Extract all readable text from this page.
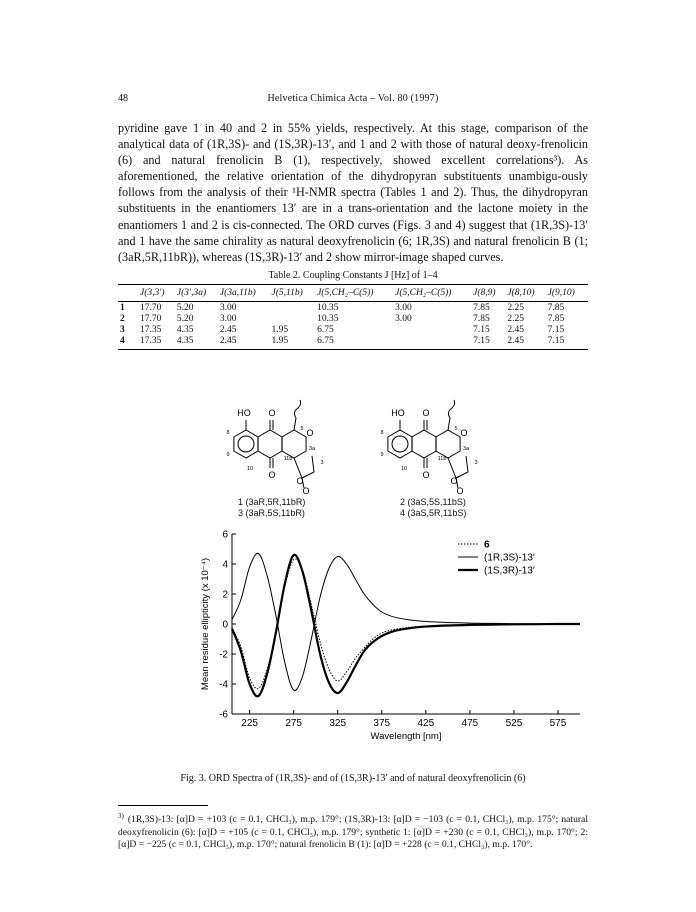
48	Helvetica Chimica Acta – Vol. 80 (1997)

pyridine gave 1 in 40 and 2 in 55% yields, respectively. At this stage, comparison of the analytical data of (1R,3S)- and (1S,3R)-13′, and 1 and 2 with those of natural deoxy-frenolicin (6) and natural frenolicin B (1), respectively, showed excellent correlations³). As aforementioned, the relative orientation of the dihydropyran substituents unambigu-ously follows from the analysis of their ¹H-NMR spectra (Tables 1 and 2). Thus, the dihydropyran substituents in the enantiomers 13′ are in a trans-orientation and the lactone moiety in the enantiomers 1 and 2 is cis-connected. The ORD curves (Figs. 3 and 4) suggest that (1R,3S)-13′ and 1 have the same chirality as natural deoxyfrenolicin (6; 1R,3S) and natural frenolicin B (1; (3aR,5R,11bR)), whereas (1S,3R)-13′ and 2 show mirror-image shaped curves.

Table 2. Coupling Constants J [Hz] of 1–4
	J(3,3′)	J(3′,3a)	J(3a,11b)	J(5,11b)	J(5,CH₂–C(5))	J(5,CH₂–C(5))	J(8,9)	J(8,10)	J(9,10)
1	17.70	5.20	3.00		10.35	3.00	7.85	2.25	7.85
2	17.70	5.20	3.00		10.35	3.00	7.85	2.25	7.85
3	17.35	4.35	2.45	1.95	6.75		7.15	2.45	7.15
4	17.35	4.35	2.45	1.95	6.75		7.15	2.45	7.15
HO O
O
O
O
O
5
8
9
10
11b
3a
3
HO O
O
O
O
O
5
8
9
10
11b
3a
3
1 (3aR,5R,11bR)
3 (3aR,5S,11bR)
2 (3aS,5S,11bS)
4 (3aS,5R,11bS)
6
4
2
0
-2
-4
-6
225	275	325	375	425	475	525	575
Wavelength [nm]
Mean residue ellipticity (x 10⁻⁴)
6
(1R,3S)-13′
(1S,3R)-13′
Fig. 3. ORD Spectra of (1R,3S)- and of (1S,3R)-13′ and of natural deoxyfrenolicin (6)
$^{3)}$ (1R,3S)-13: [α]D = +103 (c = 0.1, CHCl₃), m.p. 179°; (1S,3R)-13: [α]D = −103 (c = 0.1, CHCl₃), m.p. 175°; natural deoxyfrenolicin (6): [α]D = +105 (c = 0.1, CHCl₃), m.p. 179°; synthetic 1: [α]D = +230 (c = 0.1, CHCl₃), m.p. 170°; 2: [α]D = −225 (c = 0.1, CHCl₃), m.p. 170°; natural frenolicin B (1): [α]D = +228 (c = 0.1, CHCl₃), m.p. 170°.
